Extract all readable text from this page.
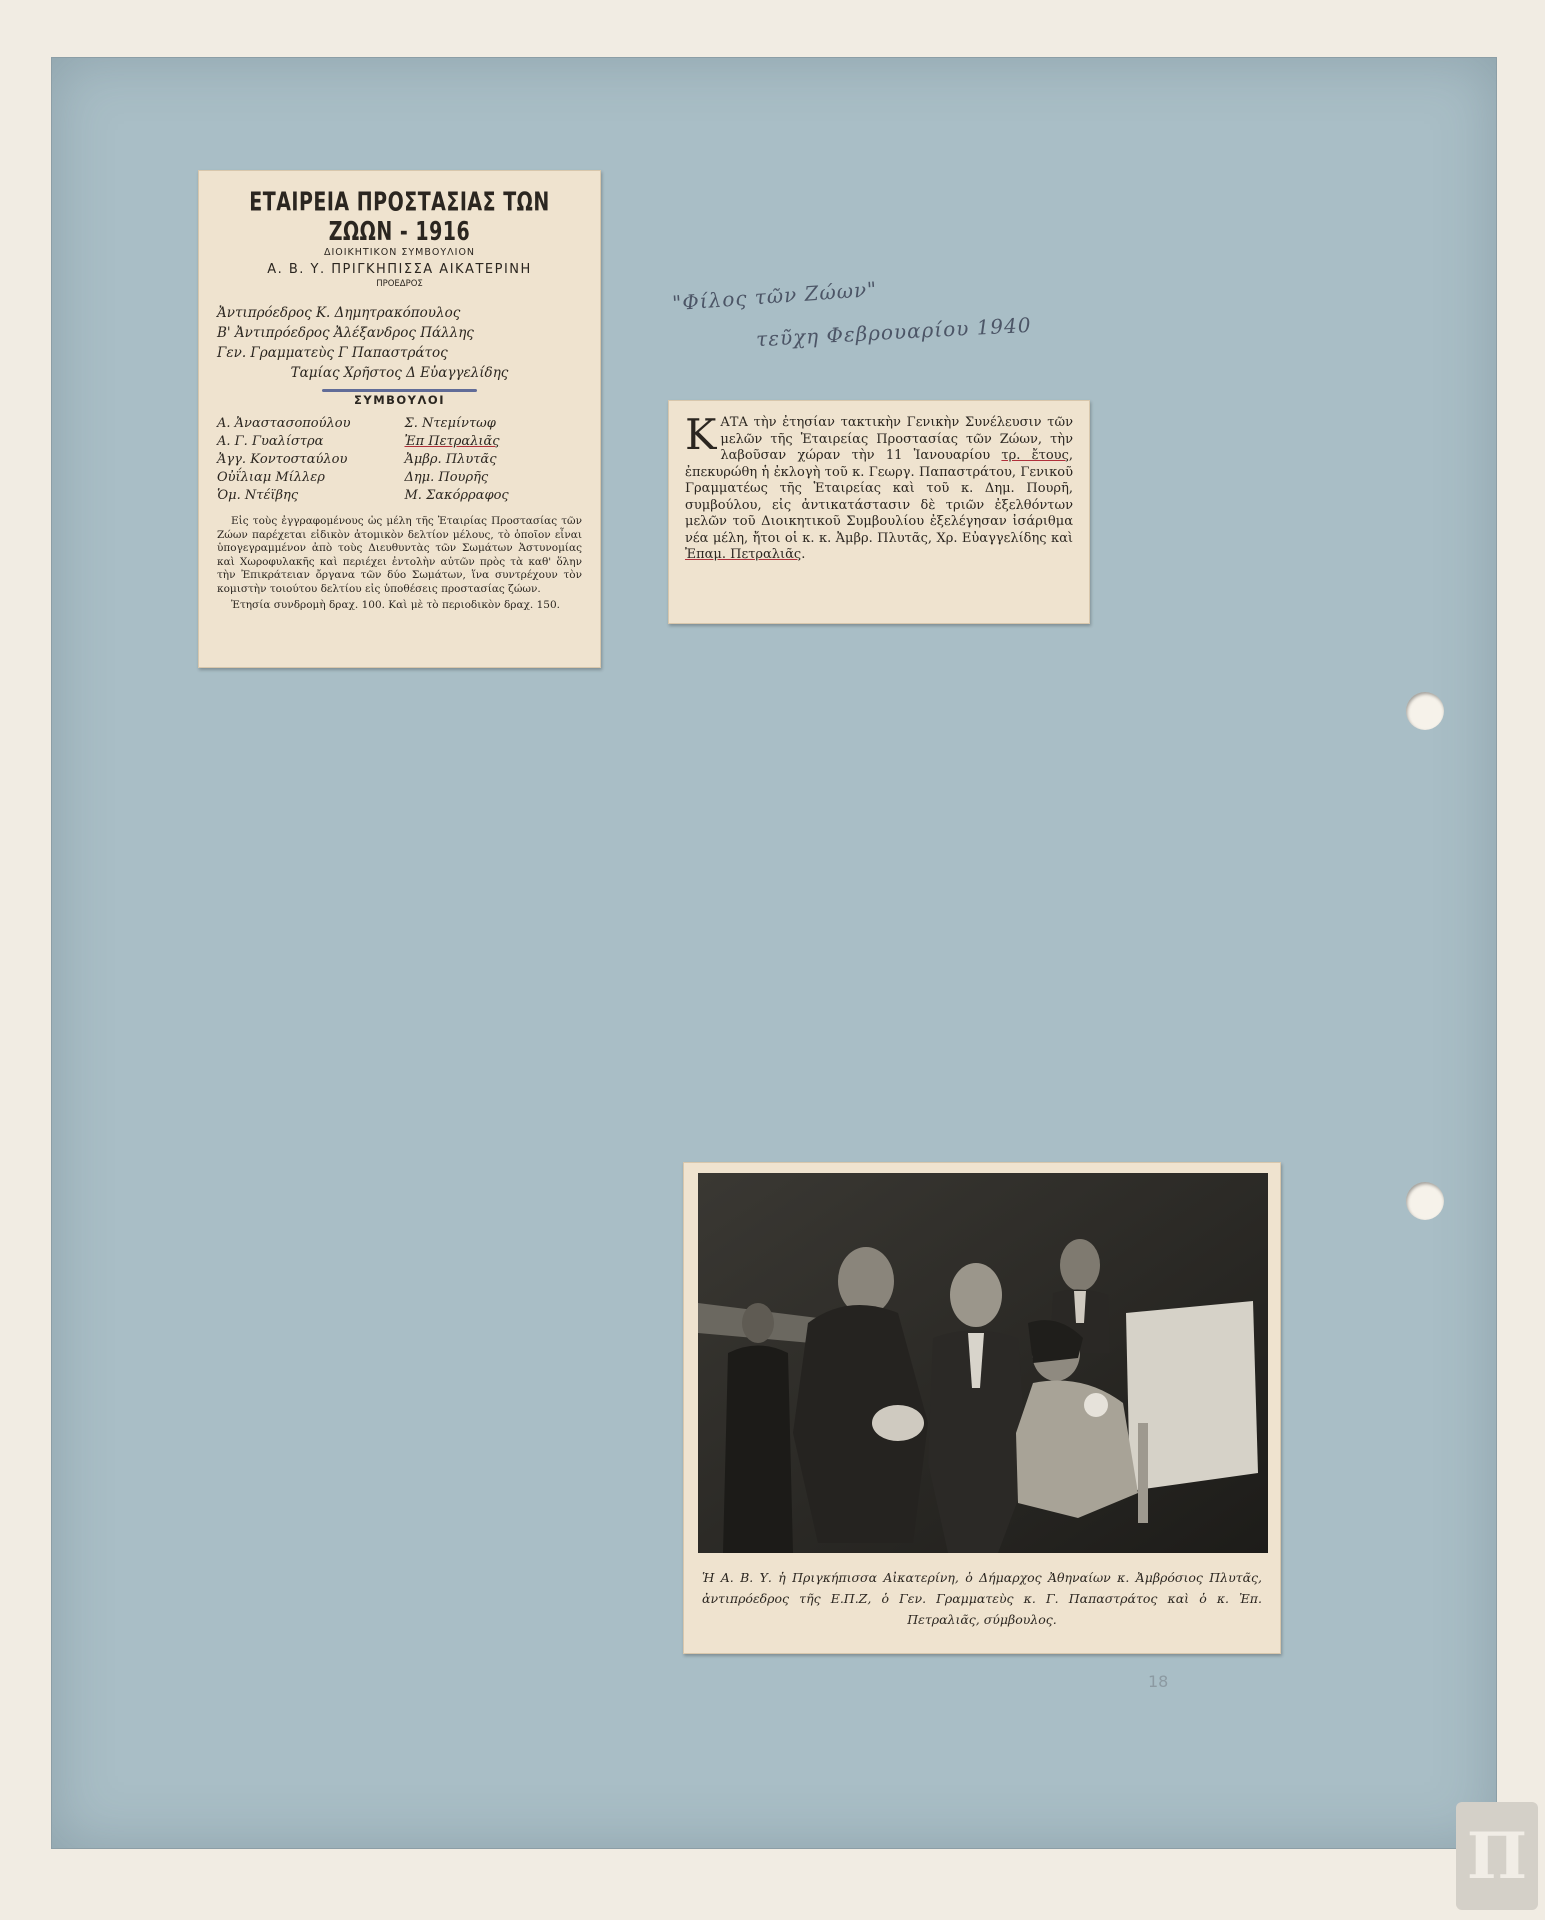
ΕΤΑΙΡΕΙΑ ΠΡΟΣΤΑΣΙΑΣ ΤΩΝ ΖΩΩΝ - 1916
ΔΙΟΙΚΗΤΙΚΟΝ ΣΥΜΒΟΥΛΙΟΝ
Α. Β. Υ. ΠΡΙΓΚΗΠΙΣΣΑ ΑΙΚΑΤΕΡΙΝΗ
ΠΡΟΕΔΡΟΣ
Ἀντιπρόεδρος Κ. Δημητρακόπουλος
Β' Ἀντιπρόεδρος Ἀλέξανδρος Πάλλης
Γεν. Γραμματεὺς Γ Παπαστράτος
Ταμίας Χρῆστος Δ Εὐαγγελίδης
ΣΥΜΒΟΥΛΟΙ
Α. Ἀναστασοπούλου	Σ. Ντεμίντωφ
Α. Γ. Γυαλίστρα	Ἐπ Πετραλιᾶς
Ἀγγ. Κοντοσταύλου	Ἀμβρ. Πλυτᾶς
Οὐΐλιαμ Μίλλερ	Δημ. Πουρῆς
Ὁμ. Ντέϊβης	Μ. Σακόρραφος
Εἰς τοὺς ἐγγραφομένους ὡς μέλη τῆς Ἑταιρίας Προστασίας τῶν Ζώων παρέχεται εἰδικὸν ἀτομικὸν δελτίον μέλους, τὸ ὁποῖον εἶναι ὑπογεγραμμένον ἀπὸ τοὺς Διευθυντὰς τῶν Σωμάτων Ἀστυνομίας καὶ Χωροφυλακῆς καὶ περιέχει ἐντολὴν αὐτῶν πρὸς τὰ καθ' ὅλην τὴν Ἐπικράτειαν ὄργανα τῶν δύο Σωμάτων, ἵνα συντρέχουν τὸν κομιστὴν τοιούτου δελτίου εἰς ὑποθέσεις προστασίας ζώων.
Ἐτησία συνδρομὴ δραχ. 100. Καὶ μὲ τὸ περιοδικὸν δραχ. 150.
"Φίλος τῶν Ζώων"
τεῦχη Φεβρουαρίου 1940
ΚΑΤΑ τὴν ἐτησίαν τακτικὴν Γενικὴν Συνέλευσιν τῶν μελῶν τῆς Ἑταιρείας Προστασίας τῶν Ζώων, τὴν λαβοῦσαν χώραν τὴν 11 Ἰανουαρίου τρ. ἔτους, ἐπεκυρώθη ἡ ἐκλογὴ τοῦ κ. Γεωργ. Παπαστράτου, Γενικοῦ Γραμματέως τῆς Ἑταιρείας καὶ τοῦ κ. Δημ. Πουρῆ, συμβούλου, εἰς ἀντικατάστασιν δὲ τριῶν ἐξελθόντων μελῶν τοῦ Διοικητικοῦ Συμβουλίου ἐξελέγησαν ἰσάριθμα νέα μέλη, ἤτοι οἱ κ. κ. Ἀμβρ. Πλυτᾶς, Χρ. Εὐαγγελίδης καὶ Ἐπαμ. Πετραλιᾶς.
Ἡ Α. Β. Υ. ἡ Πριγκήπισσα Αἰκατερίνη, ὁ Δήμαρχος Ἀθηναίων κ. Ἀμβρόσιος Πλυτᾶς, ἀντιπρόεδρος τῆς Ε.Π.Ζ, ὁ Γεν. Γραμματεὺς κ. Γ. Παπαστράτος καὶ ὁ κ. Ἐπ. Πετραλιᾶς, σύμβουλος.
18
Π
